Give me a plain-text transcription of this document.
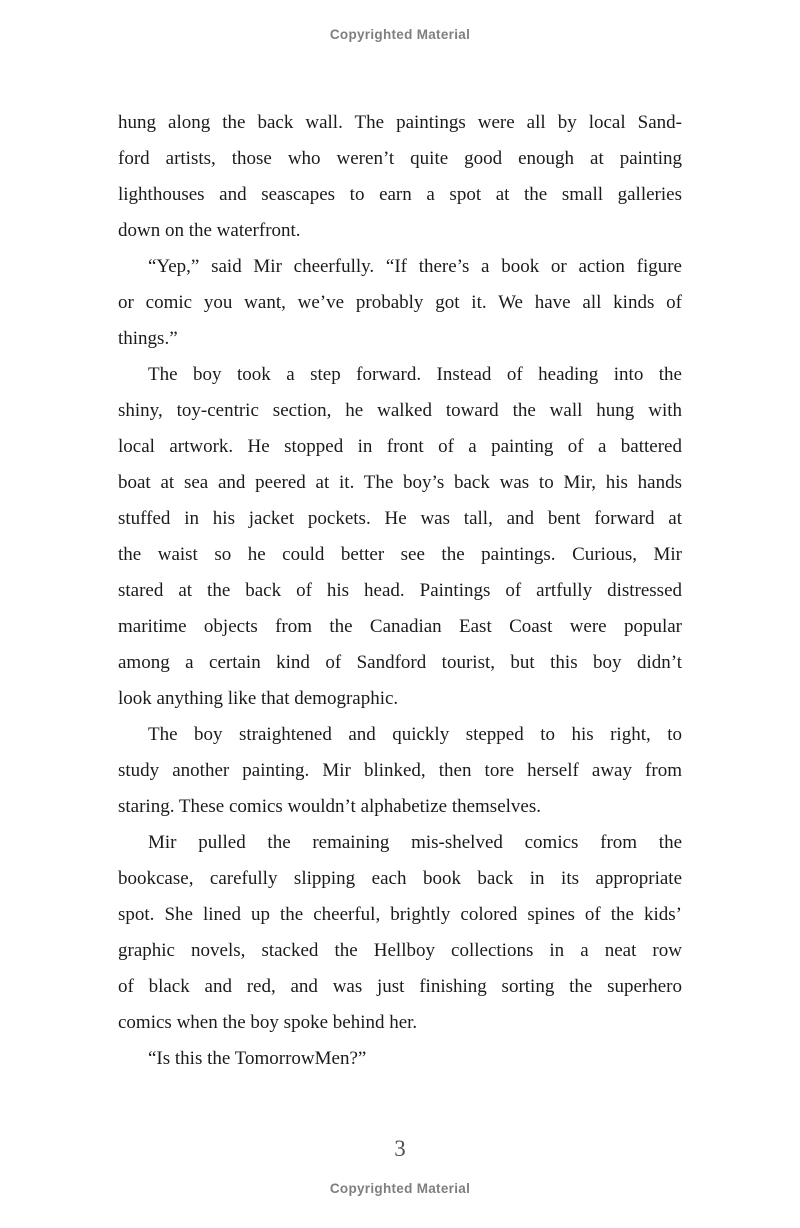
Copyrighted Material

hung along the back wall. The paintings were all by local Sand-
ford artists, those who weren’t quite good enough at painting
lighthouses and seascapes to earn a spot at the small galleries
down on the waterfront.

“Yep,” said Mir cheerfully. “If there’s a book or action figure
or comic you want, we’ve probably got it. We have all kinds of
things.”

The boy took a step forward. Instead of heading into the
shiny, toy-centric section, he walked toward the wall hung with
local artwork. He stopped in front of a painting of a battered
boat at sea and peered at it. The boy’s back was to Mir, his hands
stuffed in his jacket pockets. He was tall, and bent forward at
the waist so he could better see the paintings. Curious, Mir
stared at the back of his head. Paintings of artfully distressed
maritime objects from the Canadian East Coast were popular
among a certain kind of Sandford tourist, but this boy didn’t
look anything like that demographic.

The boy straightened and quickly stepped to his right, to
study another painting. Mir blinked, then tore herself away from
staring. These comics wouldn’t alphabetize themselves.

Mir pulled the remaining mis-shelved comics from the
bookcase, carefully slipping each book back in its appropriate
spot. She lined up the cheerful, brightly colored spines of the kids’
graphic novels, stacked the Hellboy collections in a neat row
of black and red, and was just finishing sorting the superhero
comics when the boy spoke behind her.

“Is this the TomorrowMen?”

3
Copyrighted Material
